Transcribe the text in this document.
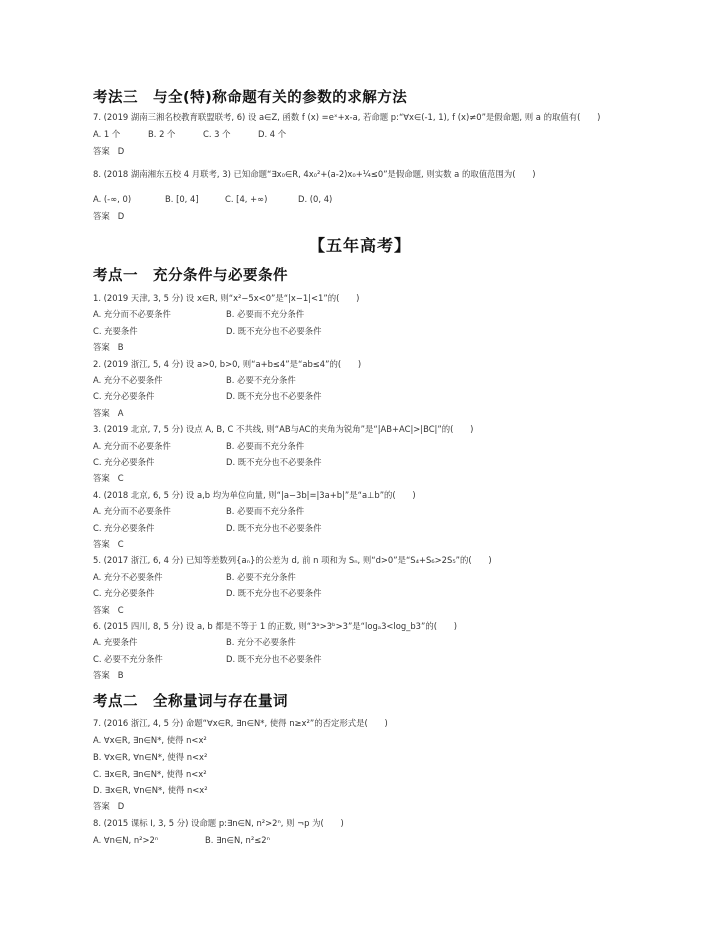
考法三　与全(特)称命题有关的参数的求解方法
7. (2019 湖南三湘名校教育联盟联考, 6) 设 a∈Z, 函数 f (x) =eˣ+x-a, 若命题 p:“∀x∈(-1, 1), f (x)≠0”是假命题, 则 a 的取值有(　　)
A. 1 个	B. 2 个	C. 3 个	D. 4 个
答案 D
8. (2018 湖南湘东五校 4 月联考, 3) 已知命题“∃x₀∈R, 4x₀²+(a-2)x₀+¼≤0”是假命题, 则实数 a 的取值范围为(　　)
A. (-∞, 0)	B. [0, 4]	C. [4, +∞)	D. (0, 4)
答案 D
【五年高考】
考点一　充分条件与必要条件
1. (2019 天津, 3, 5 分) 设 x∈R, 则“x²−5x<0”是“|x−1|<1”的(　　)
A. 充分而不必要条件	B. 必要而不充分条件
C. 充要条件	D. 既不充分也不必要条件
答案 B
2. (2019 浙江, 5, 4 分) 设 a>0, b>0, 则“a+b≤4”是“ab≤4”的(　　)
A. 充分不必要条件	B. 必要不充分条件
C. 充分必要条件	D. 既不充分也不必要条件
答案 A
3. (2019 北京, 7, 5 分) 设点 A, B, C 不共线, 则“AB与AC的夹角为锐角”是“|AB+AC|>|BC|”的(　　)
A. 充分而不必要条件	B. 必要而不充分条件
C. 充分必要条件	D. 既不充分也不必要条件
答案 C
4. (2018 北京, 6, 5 分) 设 a,b 均为单位向量, 则“|a−3b|=|3a+b|”是“a⊥b”的(　　)
A. 充分而不必要条件	B. 必要而不充分条件
C. 充分必要条件	D. 既不充分也不必要条件
答案 C
5. (2017 浙江, 6, 4 分) 已知等差数列{aₙ}的公差为 d, 前 n 项和为 Sₙ, 则“d>0”是“S₄+S₆>2S₅”的(　　)
A. 充分不必要条件	B. 必要不充分条件
C. 充分必要条件	D. 既不充分也不必要条件
答案 C
6. (2015 四川, 8, 5 分) 设 a, b 都是不等于 1 的正数, 则“3ᵃ>3ᵇ>3”是“logₐ3<log_b3”的(　　)
A. 充要条件	B. 充分不必要条件
C. 必要不充分条件	D. 既不充分也不必要条件
答案 B
考点二　全称量词与存在量词
7. (2016 浙江, 4, 5 分) 命题“∀x∈R, ∃n∈N*, 使得 n≥x²”的否定形式是(　　)
A. ∀x∈R, ∃n∈N*, 使得 n<x²
B. ∀x∈R, ∀n∈N*, 使得 n<x²
C. ∃x∈R, ∃n∈N*, 使得 n<x²
D. ∃x∈R, ∀n∈N*, 使得 n<x²
答案 D
8. (2015 课标 Ⅰ, 3, 5 分) 设命题 p:∃n∈N, n²>2ⁿ, 则 ¬p 为(　　)
A. ∀n∈N, n²>2ⁿ	B. ∃n∈N, n²≤2ⁿ
